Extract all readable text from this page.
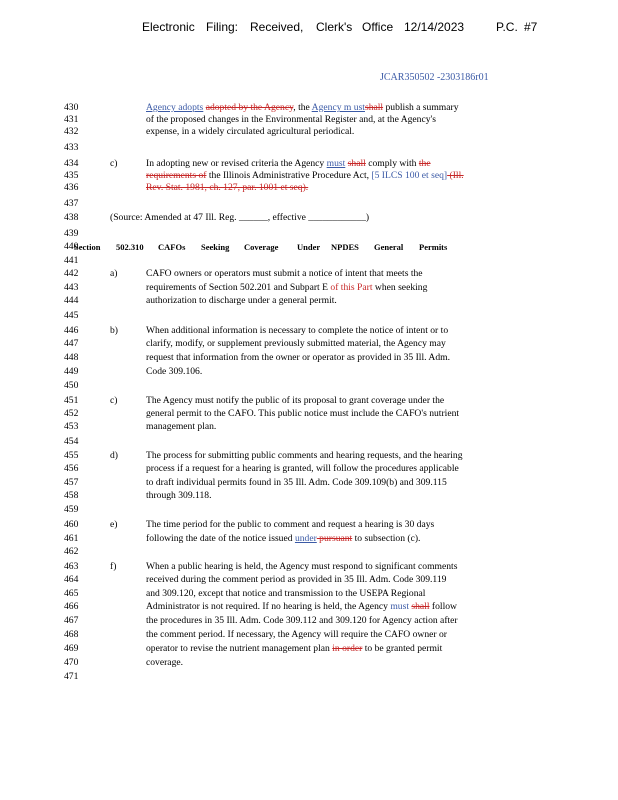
Electronic Filing: Received, Clerk's Office 12/14/2023	P.C. #7
JCAR350502 -2303186r01
430	Agency adopts adopted by the Agency, the Agency m ustshall publish a summary
431	of the proposed changes in the Environmental Register and, at the Agency's
432	expense, in a widely circulated agricultural periodical.
433
434	c)	In adopting new or revised criteria the Agency must shall comply with the
435	requirements of the Illinois Administrative Procedure Act, [5 ILCS 100 et seq] (Ill.
436	Rev. Stat. 1981, ch. 127, par. 1001 et seq).
437
438	(Source: Amended at 47 Ill. Reg. ______, effective ____________)
439
440
Section 502.310 CAFOs Seeking Coverage Under NPDES General Permits
441
442	a)	CAFO owners or operators must submit a notice of intent that meets the
443	requirements of Section 502.201 and Subpart E of this Part when seeking
444	authorization to discharge under a general permit.
445
446	b)	When additional information is necessary to complete the notice of intent or to
447	clarify, modify, or supplement previously submitted material, the Agency may
448	request that information from the owner or operator as provided in 35 Ill. Adm.
449	Code 309.106.
450
451	c)	The Agency must notify the public of its proposal to grant coverage under the
452	general permit to the CAFO. This public notice must include the CAFO's nutrient
453	management plan.
454
455	d)	The process for submitting public comments and hearing requests, and the hearing
456	process if a request for a hearing is granted, will follow the procedures applicable
457	to draft individual permits found in 35 Ill. Adm. Code 309.109(b) and 309.115
458	through 309.118.
459
460	e)	The time period for the public to comment and request a hearing is 30 days
461	following the date of the notice issued under pursuant to subsection (c).
462
463	f)	When a public hearing is held, the Agency must respond to significant comments
464	received during the comment period as provided in 35 Ill. Adm. Code 309.119
465	and 309.120, except that notice and transmission to the USEPA Regional
466	Administrator is not required. If no hearing is held, the Agency must shall follow
467	the procedures in 35 Ill. Adm. Code 309.112 and 309.120 for Agency action after
468	the comment period. If necessary, the Agency will require the CAFO owner or
469	operator to revise the nutrient management plan in order to be granted permit
470	coverage.
471
